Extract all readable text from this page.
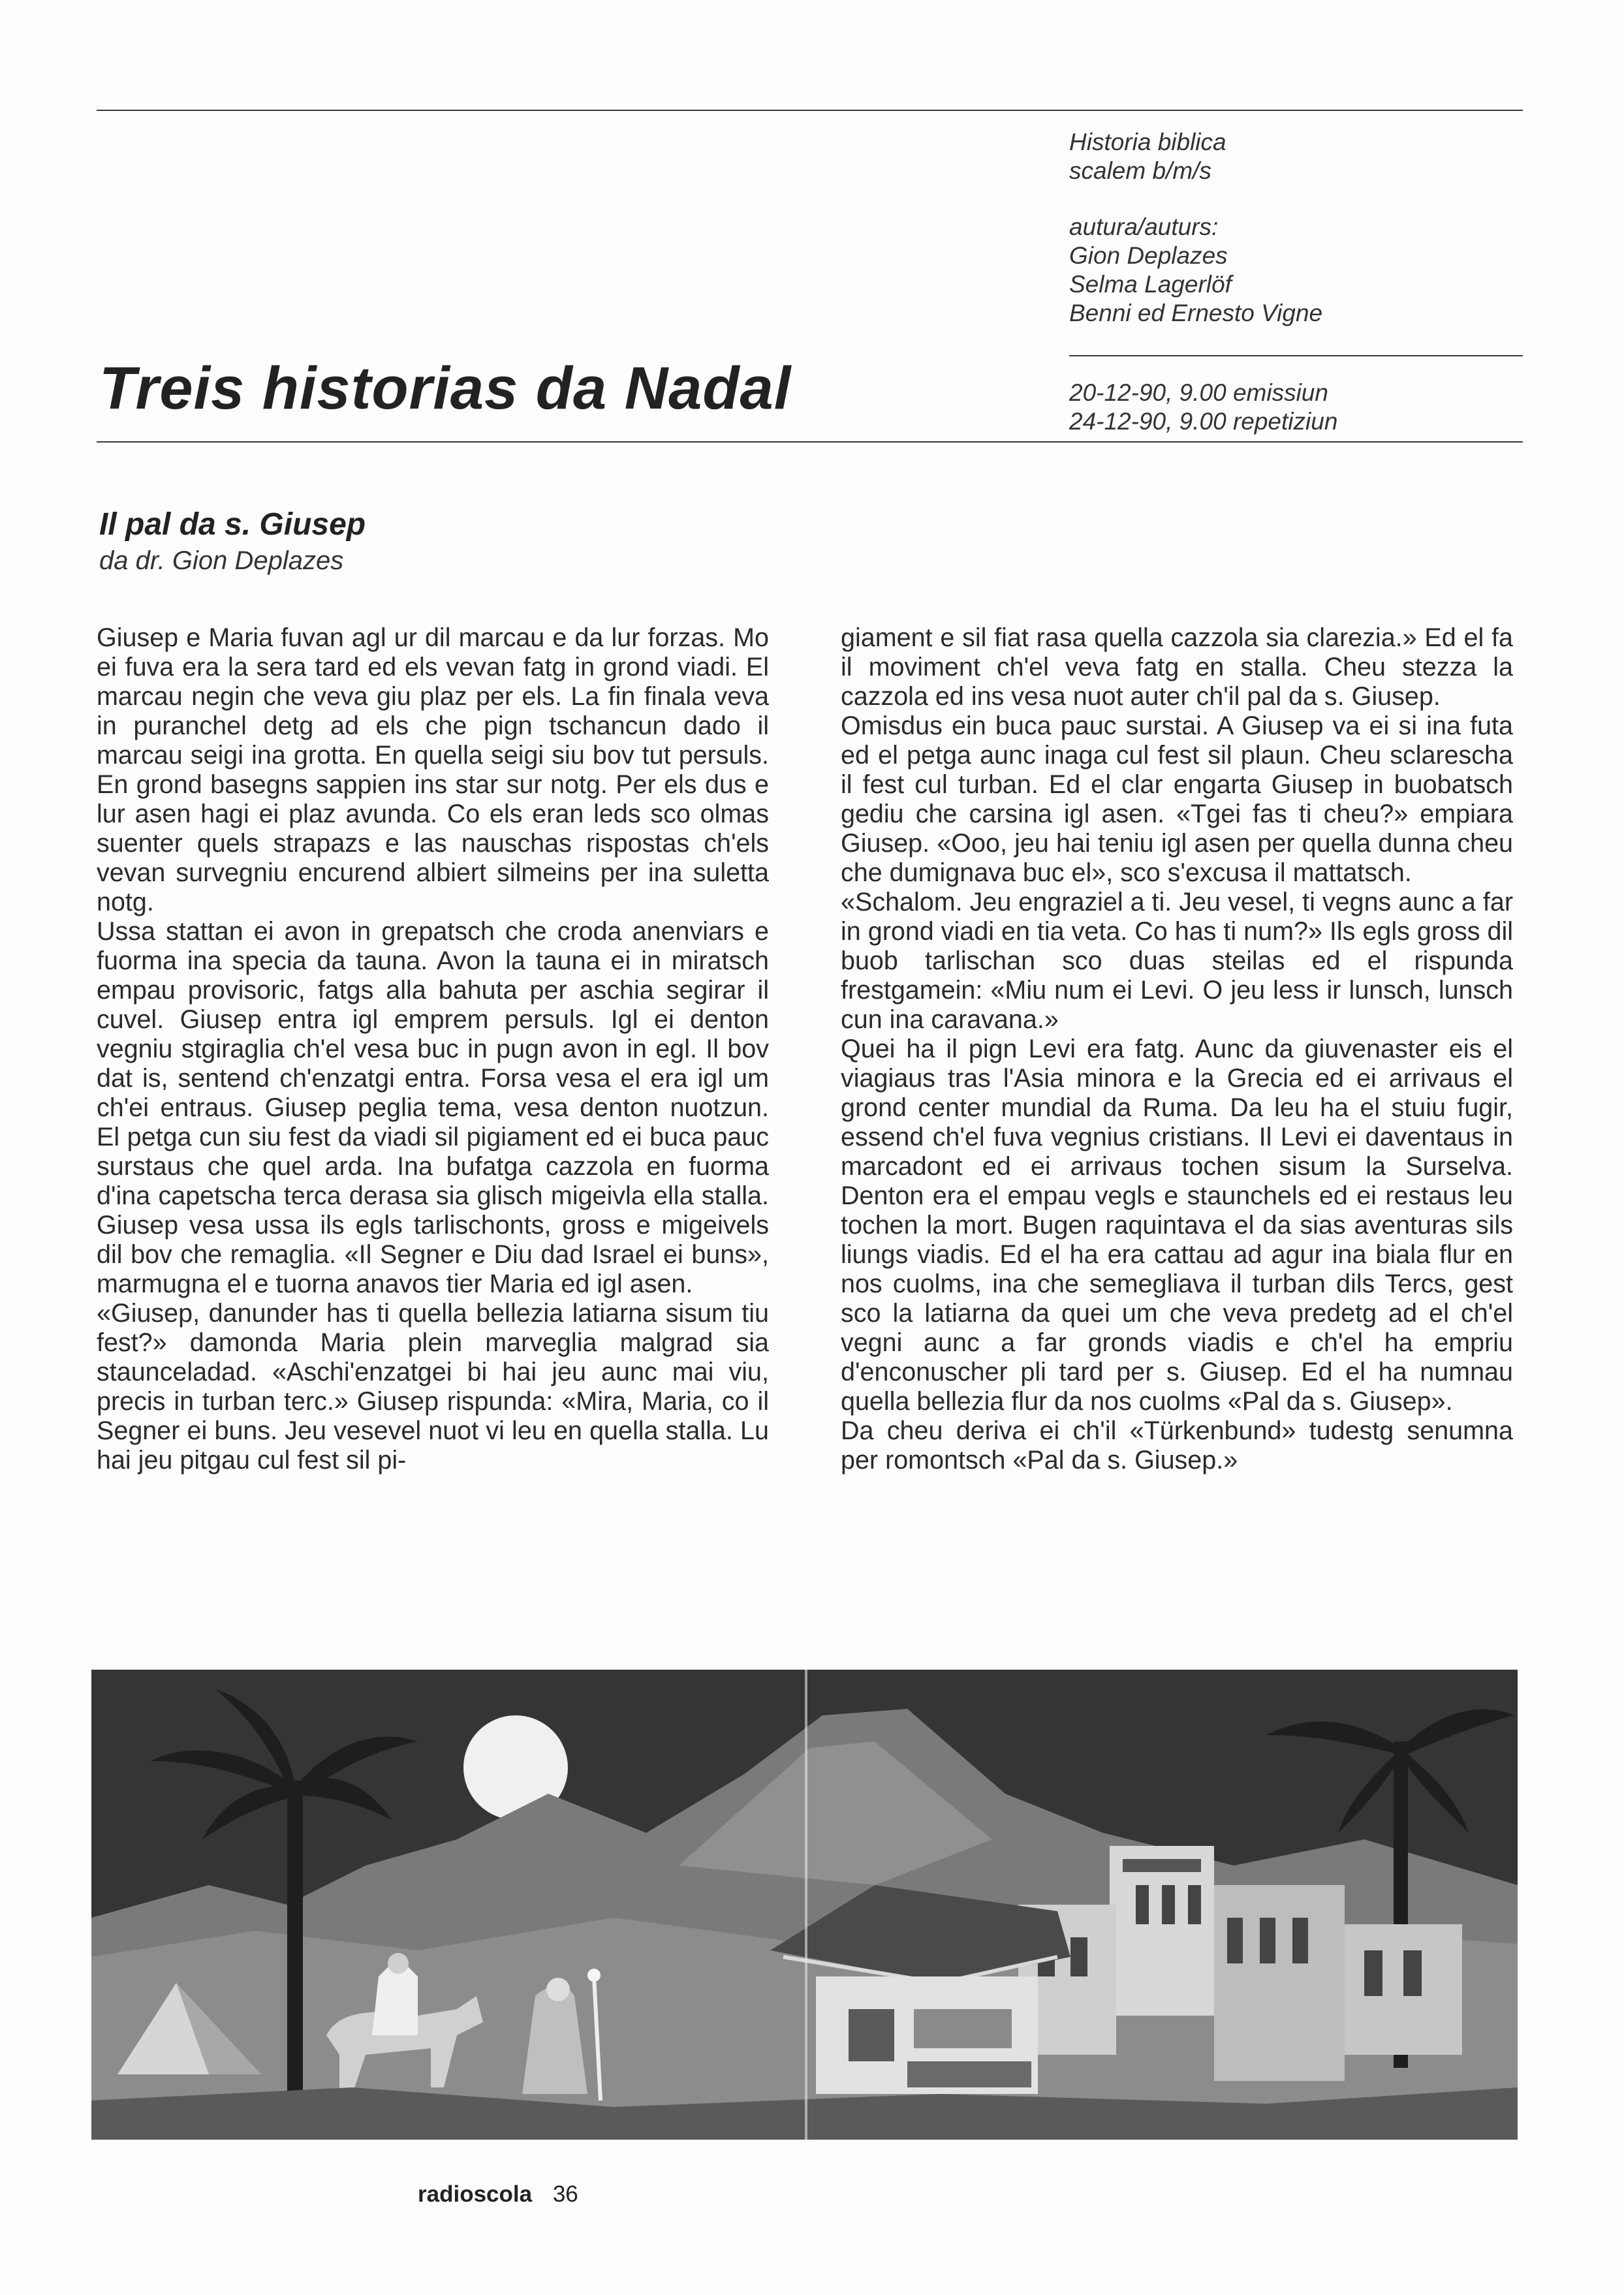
Historia biblica
scalem b/m/s
autura/auturs:
Gion Deplazes
Selma Lagerlöf
Benni ed Ernesto Vigne
Treis historias da Nadal	20-12-90, 9.00 emissiun
24-12-90, 9.00 repetiziun
Il pal da s. Giusep
da dr. Gion Deplazes

Giusep e Maria fuvan agl ur dil marcau e da lur forzas. Mo ei fuva era la sera tard ed els vevan fatg in grond viadi. El marcau negin che veva giu plaz per els. La fin finala veva in puranchel detg ad els che pign tschancun dado il marcau seigi ina grotta. En quella seigi siu bov tut persuls. En grond basegns sappien ins star sur notg. Per els dus e lur asen hagi ei plaz avunda. Co els eran leds sco olmas suenter quels strapazs e las nauschas rispostas ch'els vevan survegniu encurend albiert silmeins per ina suletta notg.

Ussa stattan ei avon in grepatsch che croda anenviars e fuorma ina specia da tauna. Avon la tauna ei in miratsch empau provisoric, fatgs alla bahuta per aschia segirar il cuvel. Giusep entra igl emprem persuls. Igl ei denton vegniu stgiraglia ch'el vesa buc in pugn avon in egl. Il bov dat is, sentend ch'enzatgi entra. Forsa vesa el era igl um ch'ei entraus. Giusep peglia tema, vesa denton nuotzun. El petga cun siu fest da viadi sil pigiament ed ei buca pauc surstaus che quel arda. Ina bufatga cazzola en fuorma d'ina capetscha terca derasa sia glisch migeivla ella stalla. Giusep vesa ussa ils egls tarlischonts, gross e migeivels dil bov che remaglia. «Il Segner e Diu dad Israel ei buns», marmugna el e tuorna anavos tier Maria ed igl asen.

«Giusep, danunder has ti quella bellezia latiarna sisum tiu fest?» damonda Maria plein marveglia malgrad sia staunceladad. «Aschi'enzatgei bi hai jeu aunc mai viu, precis in turban terc.» Giusep rispunda: «Mira, Maria, co il Segner ei buns. Jeu vesevel nuot vi leu en quella stalla. Lu hai jeu pitgau cul fest sil pi-

giament e sil fiat rasa quella cazzola sia clarezia.» Ed el fa il moviment ch'el veva fatg en stalla. Cheu stezza la cazzola ed ins vesa nuot auter ch'il pal da s. Giusep.

Omisdus ein buca pauc surstai. A Giusep va ei si ina futa ed el petga aunc inaga cul fest sil plaun. Cheu sclarescha il fest cul turban. Ed el clar engarta Giusep in buobatsch gediu che carsina igl asen. «Tgei fas ti cheu?» empiara Giusep. «Ooo, jeu hai teniu igl asen per quella dunna cheu che dumignava buc el», sco s'excusa il mattatsch.

«Schalom. Jeu engraziel a ti. Jeu vesel, ti vegns aunc a far in grond viadi en tia veta. Co has ti num?» Ils egls gross dil buob tarlischan sco duas steilas ed el rispunda frestgamein: «Miu num ei Levi. O jeu less ir lunsch, lunsch cun ina caravana.»

Quei ha il pign Levi era fatg. Aunc da giuvenaster eis el viagiaus tras l'Asia minora e la Grecia ed ei arrivaus el grond center mundial da Ruma. Da leu ha el stuiu fugir, essend ch'el fuva vegnius cristians. Il Levi ei daventaus in marcadont ed ei arrivaus tochen sisum la Surselva. Denton era el empau vegls e staunchels ed ei restaus leu tochen la mort. Bugen raquintava el da sias aventuras sils liungs viadis. Ed el ha era cattau ad agur ina biala flur en nos cuolms, ina che semegliava il turban dils Tercs, gest sco la latiarna da quei um che veva predetg ad el ch'el vegni aunc a far gronds viadis e ch'el ha empriu d'enconuscher pli tard per s. Giusep. Ed el ha numnau quella bellezia flur da nos cuolms «Pal da s. Giusep».

Da cheu deriva ei ch'il «Türkenbund» tudestg senumna per romontsch «Pal da s. Giusep.»

radioscola 36
